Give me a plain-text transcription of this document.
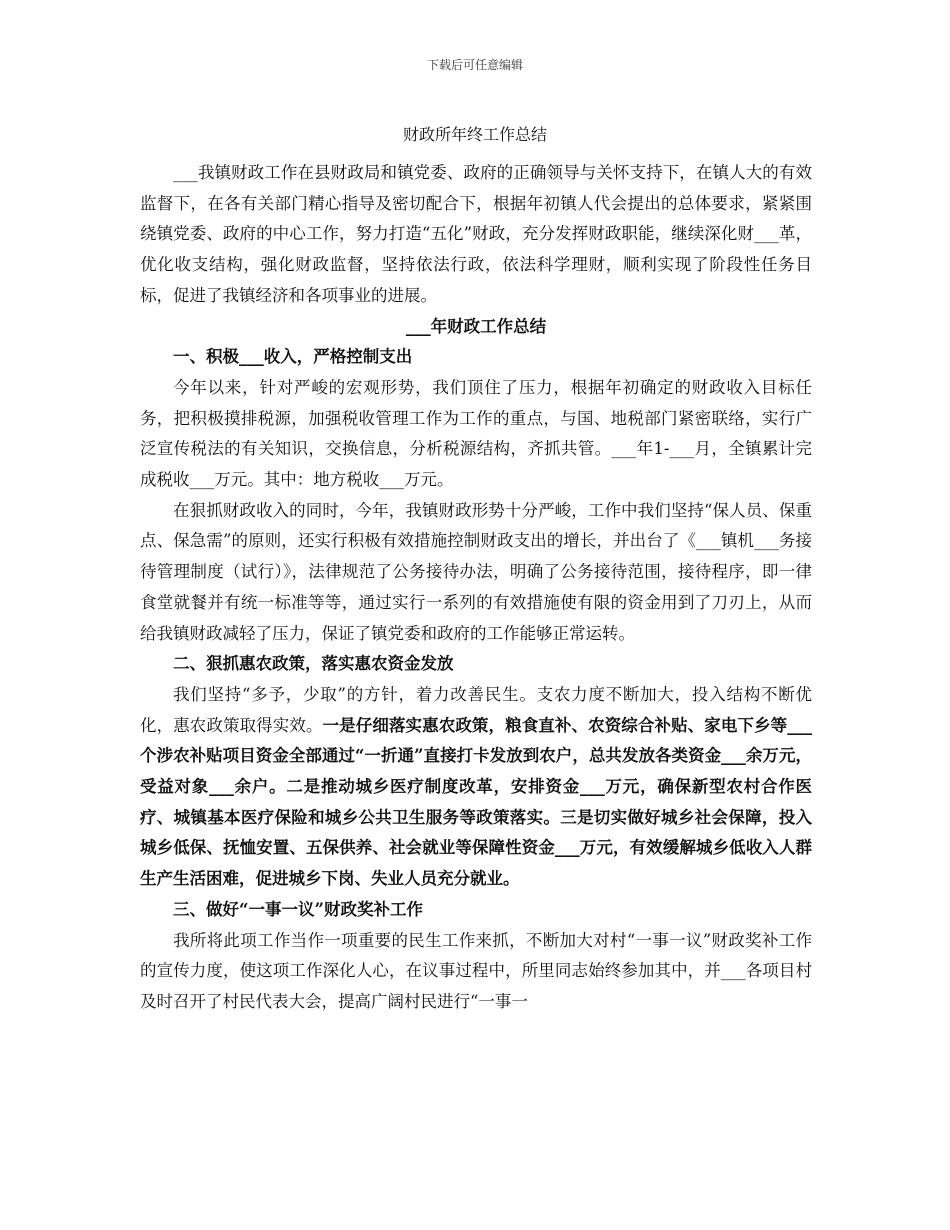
下载后可任意编辑
财政所年终工作总结

___我镇财政工作在县财政局和镇党委、政府的正确领导与关怀支持下，在镇人大的有效监督下，在各有关部门精心指导及密切配合下，根据年初镇人代会提出的总体要求，紧紧围绕镇党委、政府的中心工作，努力打造“五化”财政，充分发挥财政职能，继续深化财___革，优化收支结构，强化财政监督，坚持依法行政，依法科学理财，顺利实现了阶段性任务目标，促进了我镇经济和各项事业的进展。

___年财政工作总结

一、积极___收入，严格控制支出

今年以来，针对严峻的宏观形势，我们顶住了压力，根据年初确定的财政收入目标任务，把积极摸排税源，加强税收管理工作为工作的重点，与国、地税部门紧密联络，实行广泛宣传税法的有关知识，交换信息，分析税源结构，齐抓共管。___年1-___月，全镇累计完成税收___万元。其中：地方税收___万元。

在狠抓财政收入的同时，今年，我镇财政形势十分严峻，工作中我们坚持“保人员、保重点、保急需”的原则，还实行积极有效措施控制财政支出的增长，并出台了《___镇机___务接待管理制度（试行）》，法律规范了公务接待办法，明确了公务接待范围，接待程序，即一律食堂就餐并有统一标准等等，通过实行一系列的有效措施使有限的资金用到了刀刃上，从而给我镇财政减轻了压力，保证了镇党委和政府的工作能够正常运转。

二、狠抓惠农政策，落实惠农资金发放

我们坚持“多予，少取”的方针，着力改善民生。支农力度不断加大，投入结构不断优化，惠农政策取得实效。一是仔细落实惠农政策，粮食直补、农资综合补贴、家电下乡等___个涉农补贴项目资金全部通过“一折通”直接打卡发放到农户，总共发放各类资金___余万元，受益对象___余户。二是推动城乡医疗制度改革，安排资金___万元，确保新型农村合作医疗、城镇基本医疗保险和城乡公共卫生服务等政策落实。三是切实做好城乡社会保障，投入城乡低保、抚恤安置、五保供养、社会就业等保障性资金___万元，有效缓解城乡低收入人群生产生活困难，促进城乡下岗、失业人员充分就业。

三、做好“一事一议”财政奖补工作

我所将此项工作当作一项重要的民生工作来抓，不断加大对村“一事一议”财政奖补工作的宣传力度，使这项工作深化人心，在议事过程中，所里同志始终参加其中，并___各项目村及时召开了村民代表大会，提高广阔村民进行“一事一
